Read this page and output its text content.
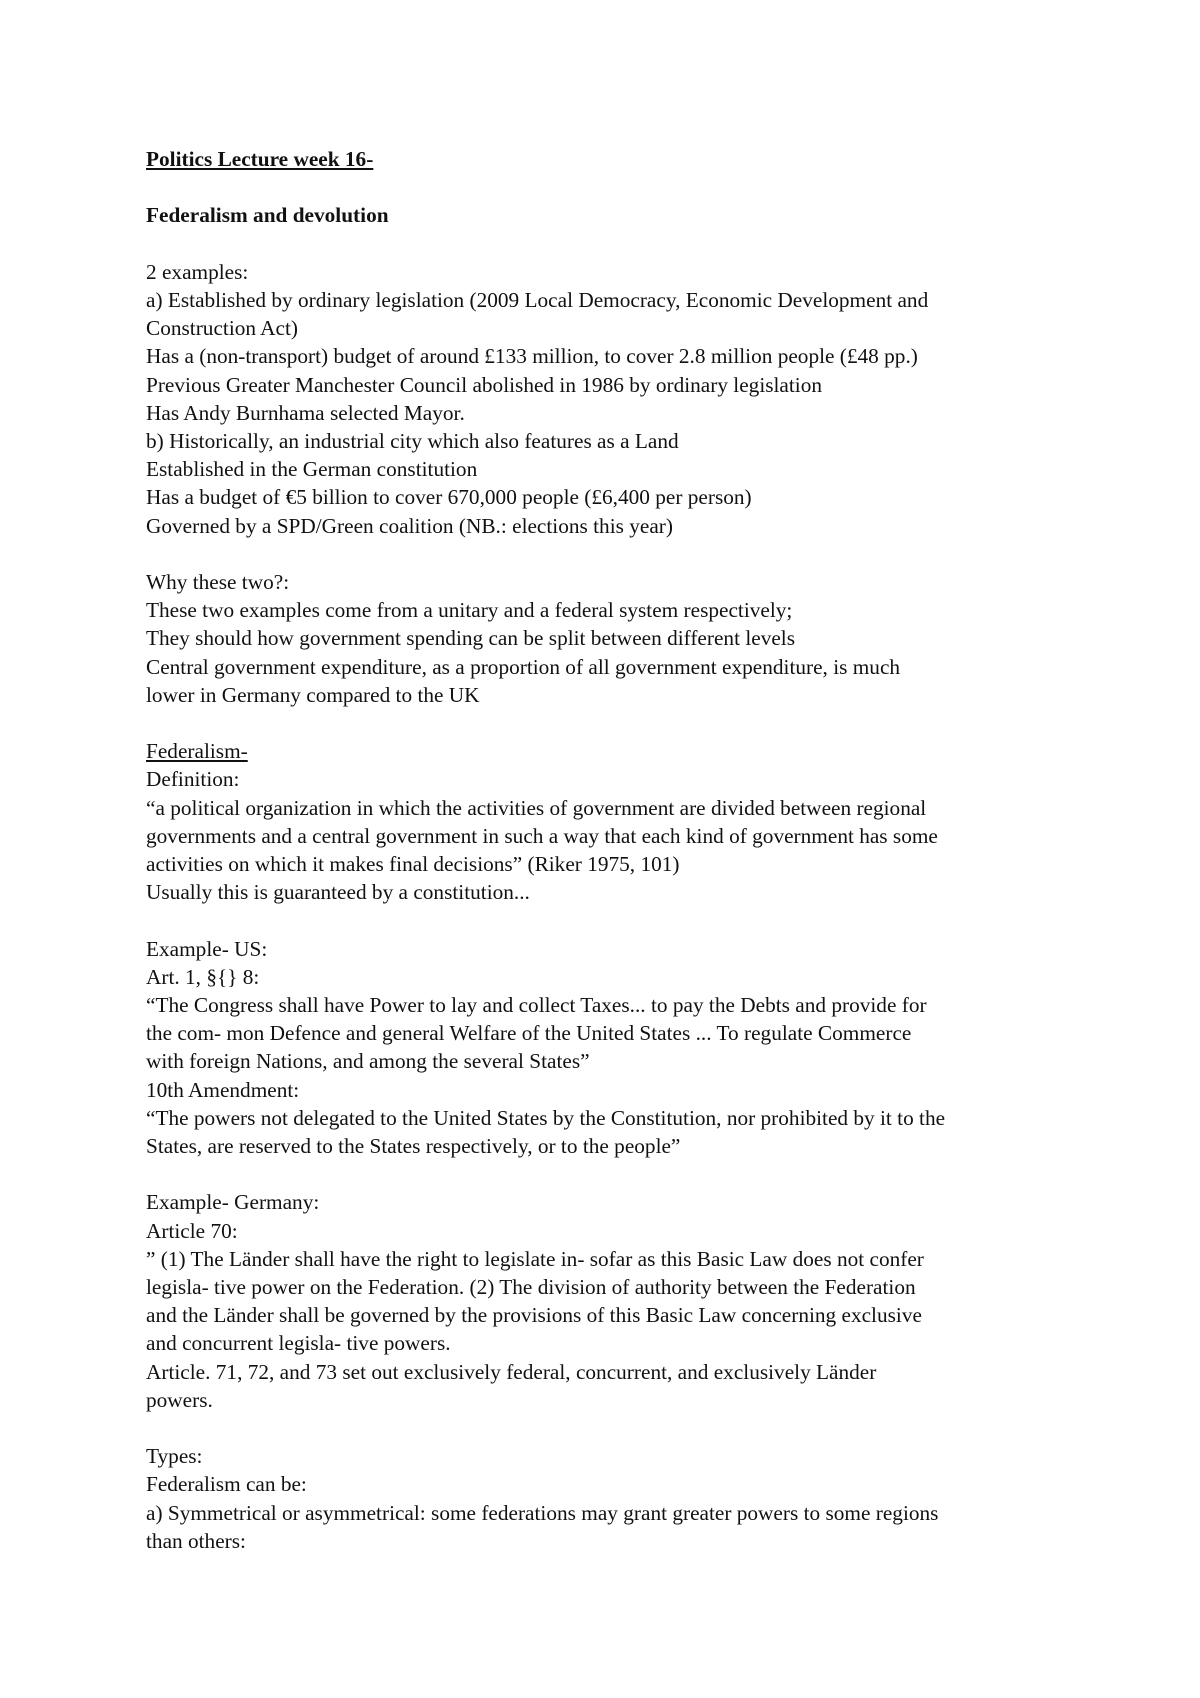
Politics Lecture week 16-
Federalism and devolution
2 examples:
a) Established by ordinary legislation (2009 Local Democracy, Economic Development and
Construction Act)
Has a (non-transport) budget of around £133 million, to cover 2.8 million people (£48 pp.)
Previous Greater Manchester Council abolished in 1986 by ordinary legislation
Has Andy Burnhama selected Mayor.
b) Historically, an industrial city which also features as a Land
Established in the German constitution
Has a budget of €5 billion to cover 670,000 people (£6,400 per person)
Governed by a SPD/Green coalition (NB.: elections this year)
Why these two?:
These two examples come from a unitary and a federal system respectively;
They should how government spending can be split between different levels
Central government expenditure, as a proportion of all government expenditure, is much
lower in Germany compared to the UK
Federalism-
Definition:
“a political organization in which the activities of government are divided between regional
governments and a central government in such a way that each kind of government has some
activities on which it makes final decisions” (Riker 1975, 101)
Usually this is guaranteed by a constitution...
Example- US:
Art. 1, §{} 8:
“The Congress shall have Power to lay and collect Taxes... to pay the Debts and provide for
the com- mon Defence and general Welfare of the United States ... To regulate Commerce
with foreign Nations, and among the several States”
10th Amendment:
“The powers not delegated to the United States by the Constitution, nor prohibited by it to the
States, are reserved to the States respectively, or to the people”
Example- Germany:
Article 70:
” (1) The Länder shall have the right to legislate in- sofar as this Basic Law does not confer
legisla- tive power on the Federation. (2) The division of authority between the Federation
and the Länder shall be governed by the provisions of this Basic Law concerning exclusive
and concurrent legisla- tive powers.
Article. 71, 72, and 73 set out exclusively federal, concurrent, and exclusively Länder
powers.
Types:
Federalism can be:
a) Symmetrical or asymmetrical: some federations may grant greater powers to some regions
than others:
